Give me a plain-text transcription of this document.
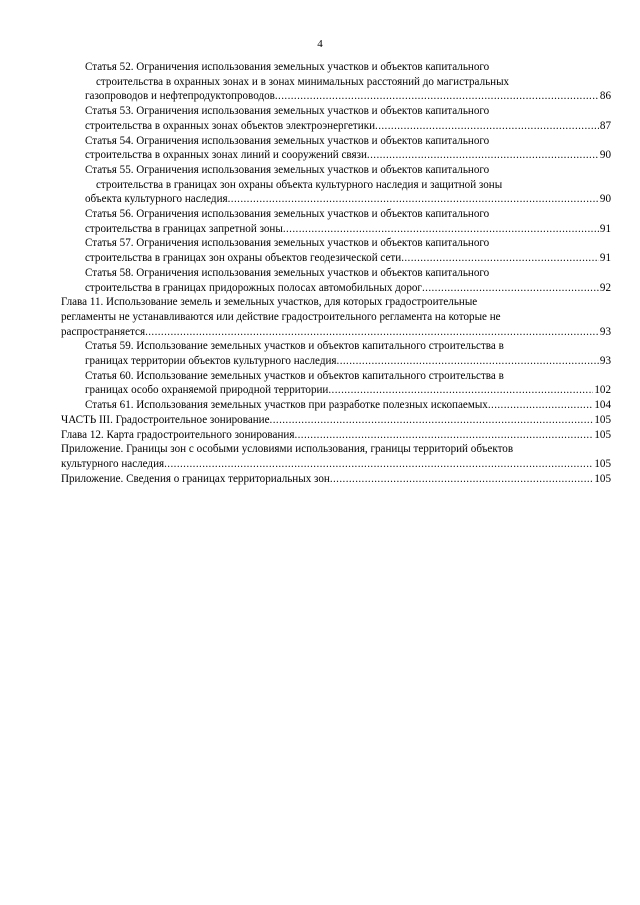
4
Статья 52. Ограничения использования земельных участков и объектов капитального
строительства в охранных зонах и в зонах минимальных расстояний до магистральных
газопроводов и нефтепродуктопроводов .....	86
Статья 53. Ограничения использования земельных участков и объектов капитального
строительства в охранных зонах объектов электроэнергетики .....	87
Статья 54. Ограничения использования земельных участков и объектов капитального
строительства в охранных зонах линий и сооружений связи .....	90
Статья 55. Ограничения использования земельных участков и объектов капитального
строительства в границах зон охраны объекта культурного наследия и защитной зоны
объекта культурного наследия .....	90
Статья 56. Ограничения использования земельных участков и объектов капитального
строительства в границах запретной зоны .....	91
Статья 57. Ограничения использования земельных участков и объектов капитального
строительства в границах зон охраны объектов геодезической сети .....	91
Статья 58. Ограничения использования земельных участков и объектов капитального
строительства в границах придорожных полосах автомобильных дорог .....	92
Глава 11. Использование земель и земельных участков, для которых градостроительные
регламенты не устанавливаются или действие градостроительного регламента на которые не
распространяется .....	93
Статья 59. Использование земельных участков и объектов капитального строительства в
границах территории объектов культурного наследия .....	93
Статья 60. Использование земельных участков и объектов капитального строительства в
границах особо охраняемой природной территории .....	102
Статья 61. Использования земельных участков при разработке полезных ископаемых .....	104
ЧАСТЬ III. Градостроительное зонирование .....	105
Глава 12. Карта градостроительного зонирования .....	105
Приложение. Границы зон с особыми условиями использования, границы территорий объектов
культурного наследия .....	105
Приложение. Сведения о границах территориальных зон .....	105
